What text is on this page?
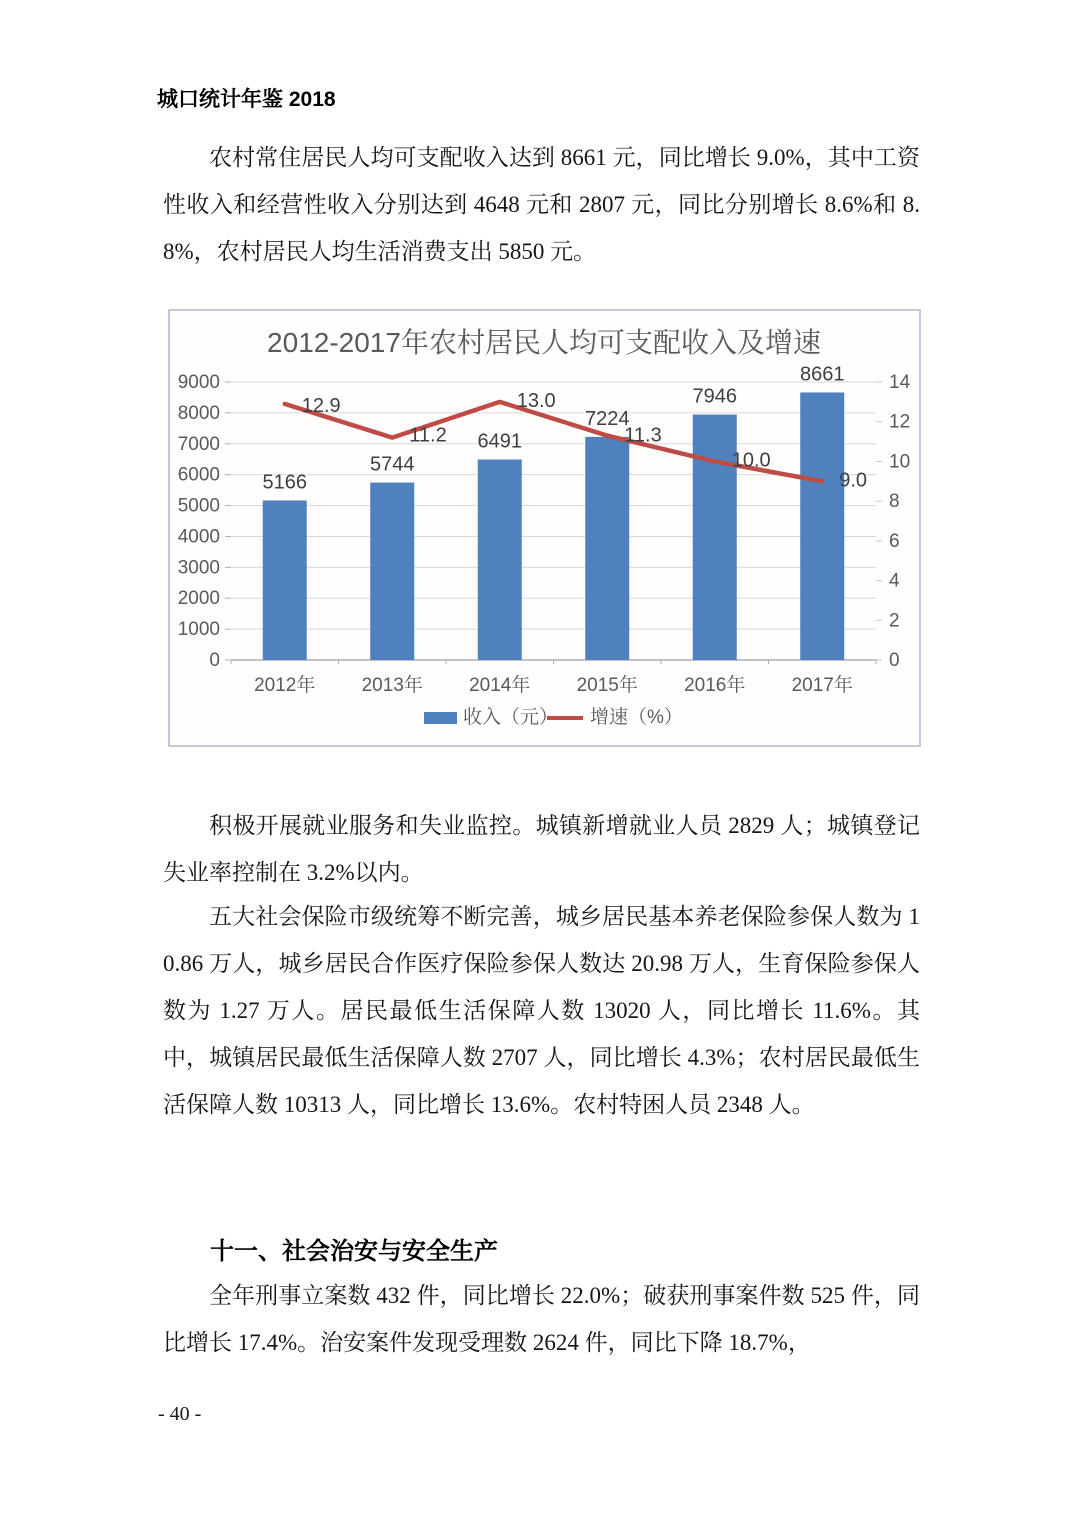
城口统计年鉴 2018
农村常住居民人均可支配收入达到 8661 元，同比增长 9.0%，其中工资性收入和经营性收入分别达到 4648 元和 2807 元，同比分别增长 8.6%和 8.8%，农村居民人均生活消费支出 5850 元。
2012-2017年农村居民人均可支配收入及增速
0
1000
2000
3000
4000
5000
6000
7000
8000
9000
0
2
4
6
8
10
12
14
2012年 2013年 2014年 2015年 2016年 2017年
5166
5744
6491
7224
7946
8661
12.9
11.2
13.0
11.3
10.0
9.0
收入（元） 增速（%）
积极开展就业服务和失业监控。城镇新增就业人员 2829 人；城镇登记失业率控制在 3.2%以内。
五大社会保险市级统筹不断完善，城乡居民基本养老保险参保人数为 10.86 万人，城乡居民合作医疗保险参保人数达 20.98 万人，生育保险参保人数为 1.27 万人。居民最低生活保障人数 13020 人，同比增长 11.6%。其中，城镇居民最低生活保障人数 2707 人，同比增长 4.3%；农村居民最低生活保障人数 10313 人，同比增长 13.6%。农村特困人员 2348 人。
十一、社会治安与安全生产
全年刑事立案数 432 件，同比增长 22.0%；破获刑事案件数 525 件，同比增长 17.4%。治安案件发现受理数 2624 件，同比下降 18.7%，
- 40 -
